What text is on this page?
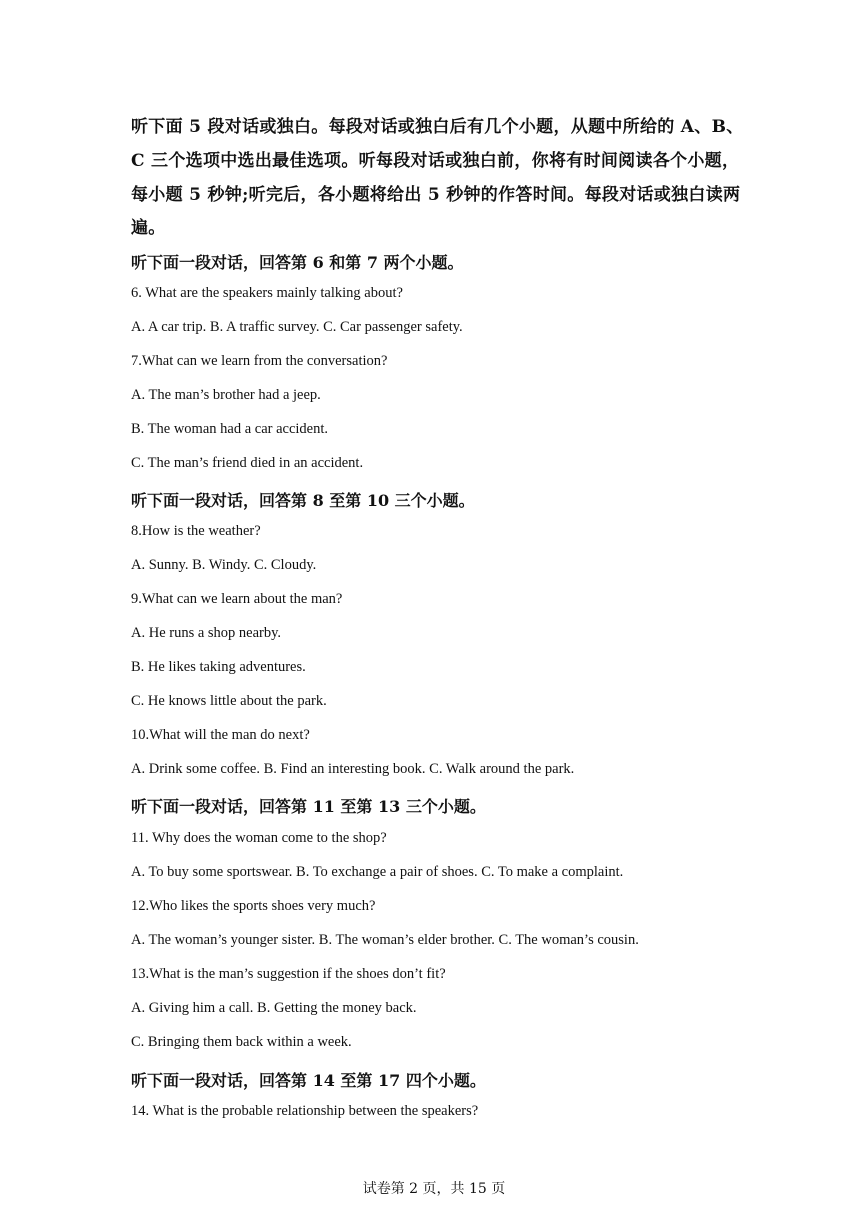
听下面 5 段对话或独白。每段对话或独白后有几个小题，从题中所给的 A、B、
C 三个选项中选出最佳选项。听每段对话或独白前，你将有时间阅读各个小题，
每小题 5 秒钟;听完后，各小题将给出 5 秒钟的作答时间。每段对话或独白读两
遍。
听下面一段对话，回答第 6 和第 7 两个小题。
6. What are the speakers mainly talking about?
A. A car trip. B. A traffic survey. C. Car passenger safety.
7.What can we learn from the conversation?
A. The man’s brother had a jeep.
B. The woman had a car accident.
C. The man’s friend died in an accident.
听下面一段对话，回答第 8 至第 10 三个小题。
8.How is the weather?
A. Sunny. B. Windy. C. Cloudy.
9.What can we learn about the man?
A. He runs a shop nearby.
B. He likes taking adventures.
C. He knows little about the park.
10.What will the man do next?
A. Drink some coffee. B. Find an interesting book. C. Walk around the park.
听下面一段对话，回答第 11 至第 13 三个小题。
11. Why does the woman come to the shop?
A. To buy some sportswear. B. To exchange a pair of shoes. C. To make a complaint.
12.Who likes the sports shoes very much?
A. The woman’s younger sister. B. The woman’s elder brother. C. The woman’s cousin.
13.What is the man’s suggestion if the shoes don’t fit?
A. Giving him a call. B. Getting the money back.
C. Bringing them back within a week.
听下面一段对话，回答第 14 至第 17 四个小题。
14. What is the probable relationship between the speakers?
试卷第 2 页，共 15 页
